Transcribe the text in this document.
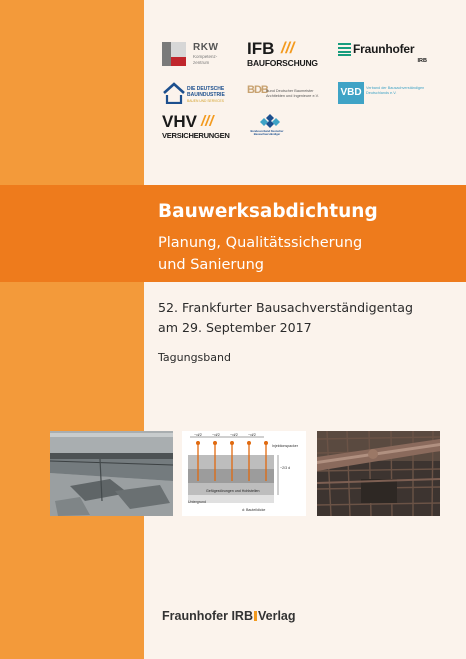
RKW
Kompetenz-zentrum
IFB ///
BAUFORSCHUNG
Fraunhofer
IRB
DIE DEUTSCHE BAUINDUSTRIE
BAUEN UND SERVICES
BDB
Bund Deutscher Baumeister Architekten und Ingenieure e.V.	VBD	Verband der Bausachverständigen Deutschlands e.V.
VHV ///
VERSICHERUNGEN	Bundesverband Deutscher Bausachverständiger
Bauwerksabdichtung
Planung, Qualitätssicherung
und Sanierung
52. Frankfurter Bausachverständigentag
am 29. September 2017
Tagungsband
~d/2	~d/2	~d/2	~d/2
Injektionspacker
~2/3 d
Gefügestörungen und Hohlstellen
Untergrund
d: Bauteildicke
Fraunhofer IRB Verlag
